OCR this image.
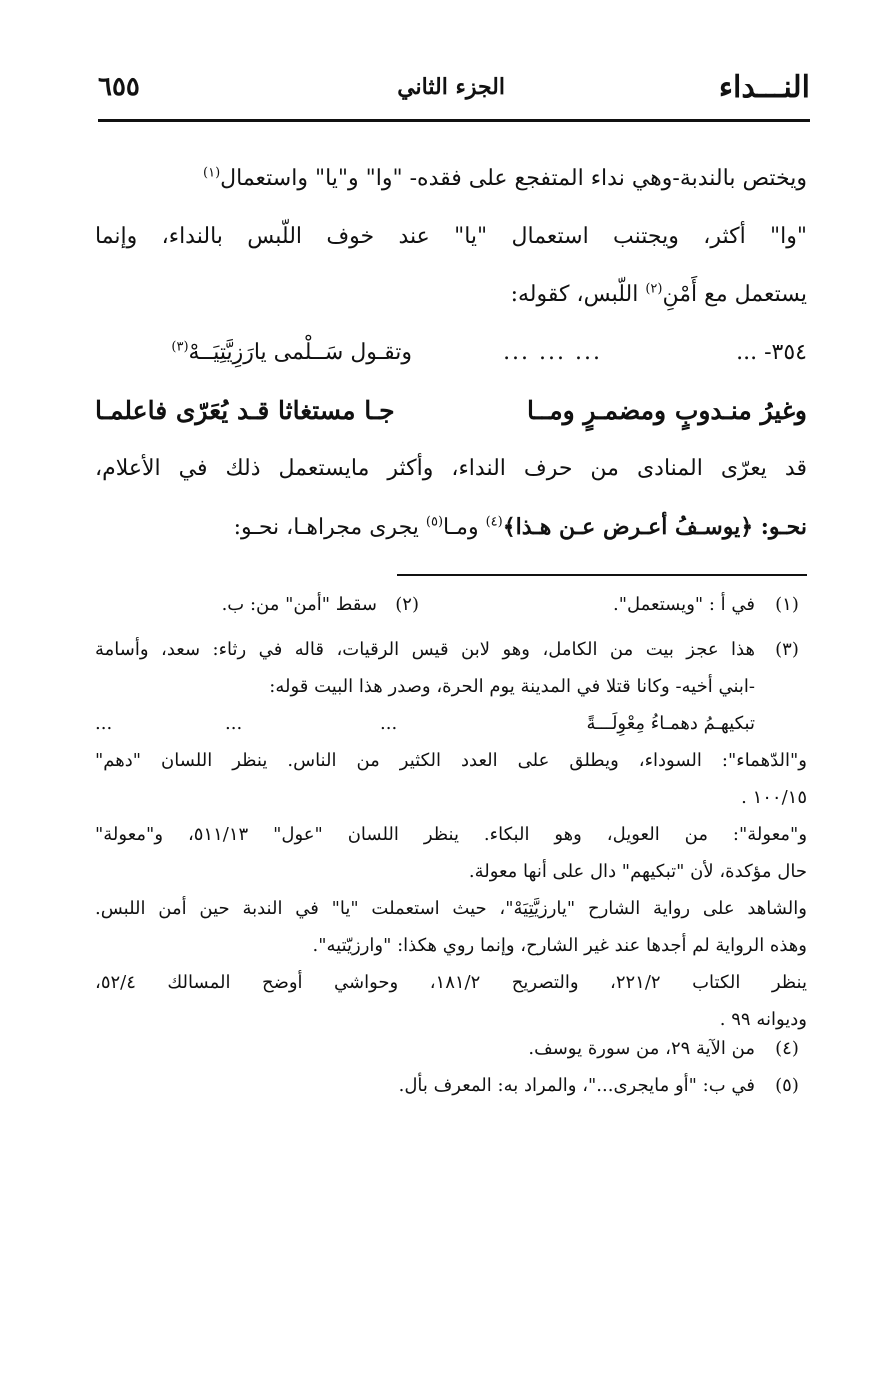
النـــداء
الجزء الثاني
٦٥٥
ويختص بالندبة-وهي نداء المتفجع على فقده- "وا" و"يا" واستعمال$^{(١)}$
"وا" أكثر، ويجتنب استعمال "يا" عند خوف اللّبس بالنداء، وإنما
يستعمل مع أَمْنِ$^{(٢)}$ اللّبس، كقوله:
٣٥٤- ...
... ... ...
وتقـول سَــلْمى يارَزِيَّتِيَــهْ$^{(٣)}$
وغيرُ منـدوبٍ ومضمـرٍ ومــا
جـا مستغاثا قـد يُعَرّى فاعلمـا
قد يعرّى المنادى من حرف النداء، وأكثر مايستعمل ذلك في الأعلام،
نحـو: ﴿يوسـفُ أعـرض عـن هـذا﴾$^{(٤)}$ ومـا$^{(٥)}$ يجرى مجراهـا، نحـو:
(١)
في أ : "ويستعمل".
(٢)
سقط "أمن" من: ب.
(٣)
هذا عجز بيت من الكامل، وهو لابن قيس الرقيات، قاله في رثاء: سعد، وأسامة
-ابني أخيه- وكانا قتلا في المدينة يوم الحرة، وصدر هذا البيت قوله:
تبكيهـمُ دهمـاءُ مِعْوِلَـــةً
...
...
...
و"الدّهماء": السوداء، ويطلق على العدد الكثير من الناس. ينظر اللسان "دهم"
١٠٠/١٥ .
و"معولة": من العويل، وهو البكاء. ينظر اللسان "عول" ٥١١/١٣، و"معولة"
حال مؤكدة، لأن "تبكيهم" دال على أنها معولة.
والشاهد على رواية الشارح "يارزيَّتِيَهْ"، حيث استعملت "يا" في الندبة حين أمن اللبس.
وهذه الرواية لم أجدها عند غير الشارح، وإنما روي هكذا: "وارزيّتيه".
ينظر الكتاب ٢٢١/٢، والتصريح ١٨١/٢، وحواشي أوضح المسالك ٥٢/٤،
وديوانه ٩٩ .
(٤)
من الآية ٢٩، من سورة يوسف.
(٥)
في ب: "أو مايجرى..."، والمراد به: المعرف بأل.
